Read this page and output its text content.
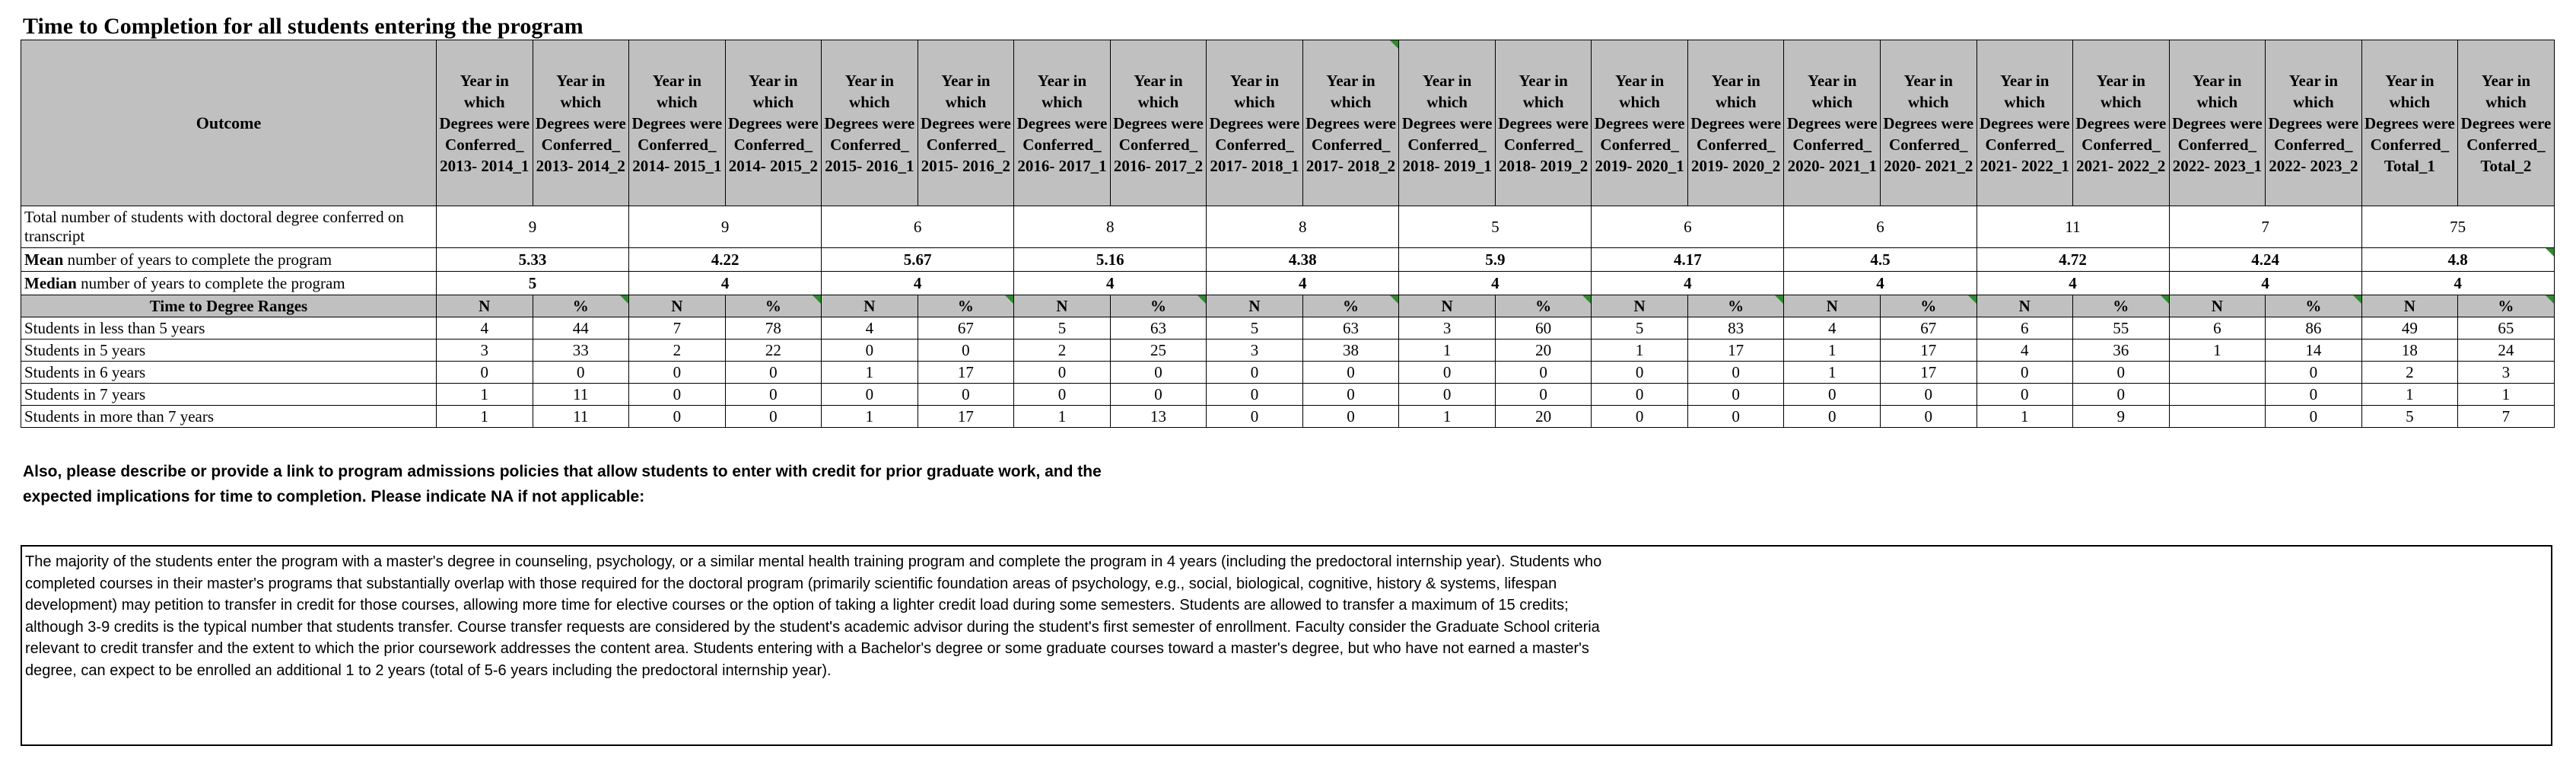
Time to Completion for all students entering the program
Outcome	Year in which Degrees were Conferred_ 2013- 2014_1	Year in which Degrees were Conferred_ 2013- 2014_2	Year in which Degrees were Conferred_ 2014- 2015_1	Year in which Degrees were Conferred_ 2014- 2015_2	Year in which Degrees were Conferred_ 2015- 2016_1	Year in which Degrees were Conferred_ 2015- 2016_2	Year in which Degrees were Conferred_ 2016- 2017_1	Year in which Degrees were Conferred_ 2016- 2017_2	Year in which Degrees were Conferred_ 2017- 2018_1	Year in which Degrees were Conferred_ 2017- 2018_2	Year in which Degrees were Conferred_ 2018- 2019_1	Year in which Degrees were Conferred_ 2018- 2019_2	Year in which Degrees were Conferred_ 2019- 2020_1	Year in which Degrees were Conferred_ 2019- 2020_2	Year in which Degrees were Conferred_ 2020- 2021_1	Year in which Degrees were Conferred_ 2020- 2021_2	Year in which Degrees were Conferred_ 2021- 2022_1	Year in which Degrees were Conferred_ 2021- 2022_2	Year in which Degrees were Conferred_ 2022- 2023_1	Year in which Degrees were Conferred_ 2022- 2023_2	Year in which Degrees were Conferred_ Total_1	Year in which Degrees were Conferred_ Total_2
Total number of students with doctoral degree conferred on transcript	9		9		6		8		8		5		6		6		11		7		75	
Mean number of years to complete the program	5.33		4.22		5.67		5.16		4.38		5.9		4.17		4.5		4.72		4.24		4.8	

Median number of years to complete the program	5		4		4		4		4		4		4		4		4		4		4	
Time to Degree Ranges	N	%	N	%	N	%	N	%	N	%	N	%	N	%	N	%	N	%	N	%	N	%

Students in less than 5 years	4	44	7	78	4	67	5	63	5	63	3	60	5	83	4	67	6	55	6	86	49	65
Students in 5 years	3	33	2	22	0	0	2	25	3	38	1	20	1	17	1	17	4	36	1	14	18	24
Students in 6 years	0	0	0	0	1	17	0	0	0	0	0	0	0	0	1	17	0	0		0	2	3
Students in 7 years	1	11	0	0	0	0	0	0	0	0	0	0	0	0	0	0	0	0		0	1	1
Students in more than 7 years	1	11	0	0	1	17	1	13	0	0	1	20	0	0	0	0	1	9		0	5	7
Also, please describe or provide a link to program admissions policies that allow students to enter with credit for prior graduate work, and the expected implications for time to completion. Please indicate NA if not applicable:
The majority of the students enter the program with a master's degree in counseling, psychology, or a similar mental health training program and complete the program in 4 years (including the predoctoral internship year). Students who completed courses in their master's programs that substantially overlap with those required for the doctoral program (primarily scientific foundation areas of psychology, e.g., social, biological, cognitive, history & systems, lifespan development) may petition to transfer in credit for those courses, allowing more time for elective courses or the option of taking a lighter credit load during some semesters. Students are allowed to transfer a maximum of 15 credits; although 3-9 credits is the typical number that students transfer. Course transfer requests are considered by the student's academic advisor during the student's first semester of enrollment. Faculty consider the Graduate School criteria relevant to credit transfer and the extent to which the prior coursework addresses the content area. Students entering with a Bachelor's degree or some graduate courses toward a master's degree, but who have not earned a master's degree, can expect to be enrolled an additional 1 to 2 years (total of 5-6 years including the predoctoral internship year).
